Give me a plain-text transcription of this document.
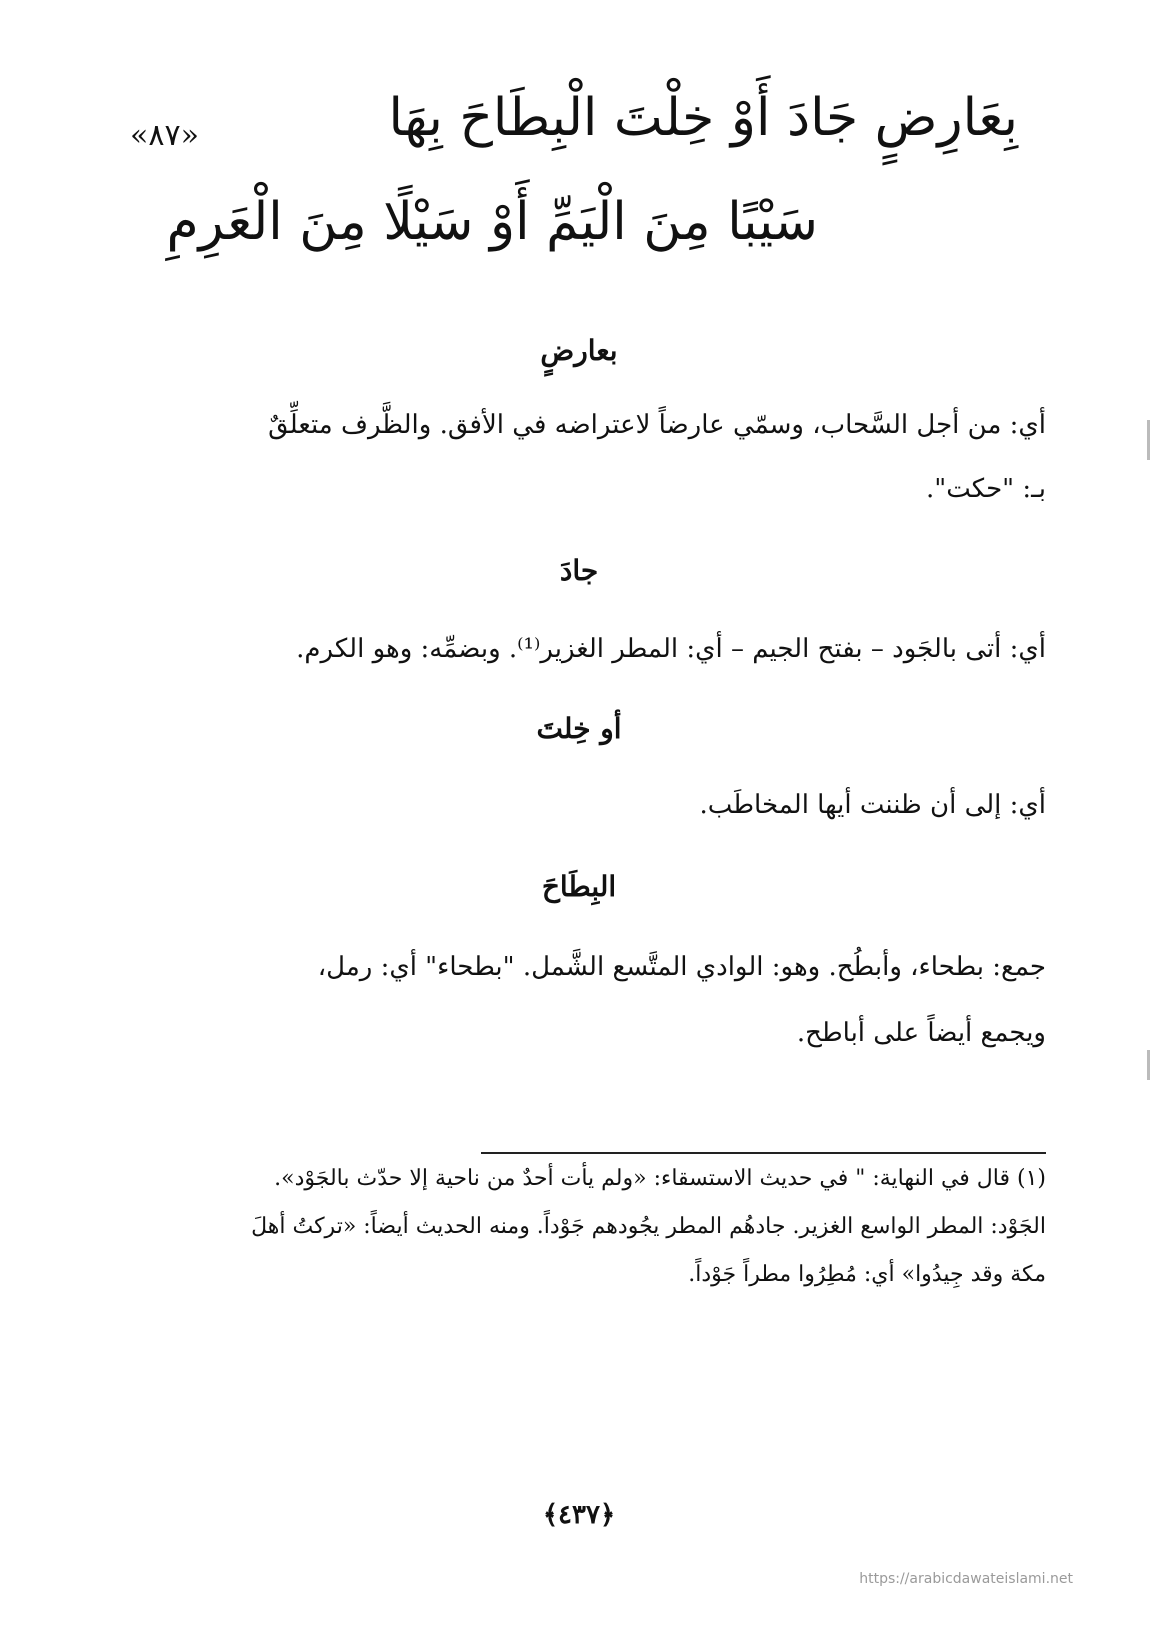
بِعَارِضٍ جَادَ أَوْ خِلْتَ الْبِطَاحَ بِهَا
«٨٧»
سَيْبًا مِنَ الْيَمِّ أَوْ سَيْلًا مِنَ الْعَرِمِ
بعارضٍ
أي: من أجل السَّحاب، وسمّي عارضاً لاعتراضه في الأفق. والظَّرف متعلِّقٌ
بـ: "حكت".
جادَ
أي: أتى بالجَود – بفتح الجيم – أي: المطر الغزير⁽¹⁾. وبضمِّه: وهو الكرم.
أو خِلتَ
أي: إلى أن ظننت أيها المخاطَب.
البِطَاحَ
جمع: بطحاء، وأبطُح. وهو: الوادي المتَّسع الشَّمل. "بطحاء" أي: رمل،
ويجمع أيضاً على أباطح.
(١) قال في النهاية: " في حديث الاستسقاء: «ولم يأت أحدٌ من ناحية إلا حدّث بالجَوْد».
الجَوْد: المطر الواسع الغزير. جادهُم المطر يجُودهم جَوْداً. ومنه الحديث أيضاً: «تركتُ أهلَ
مكة وقد جِيدُوا» أي: مُطِرُوا مطراً جَوْداً.
﴿٤٣٧﴾
https://arabicdawateislami.net
